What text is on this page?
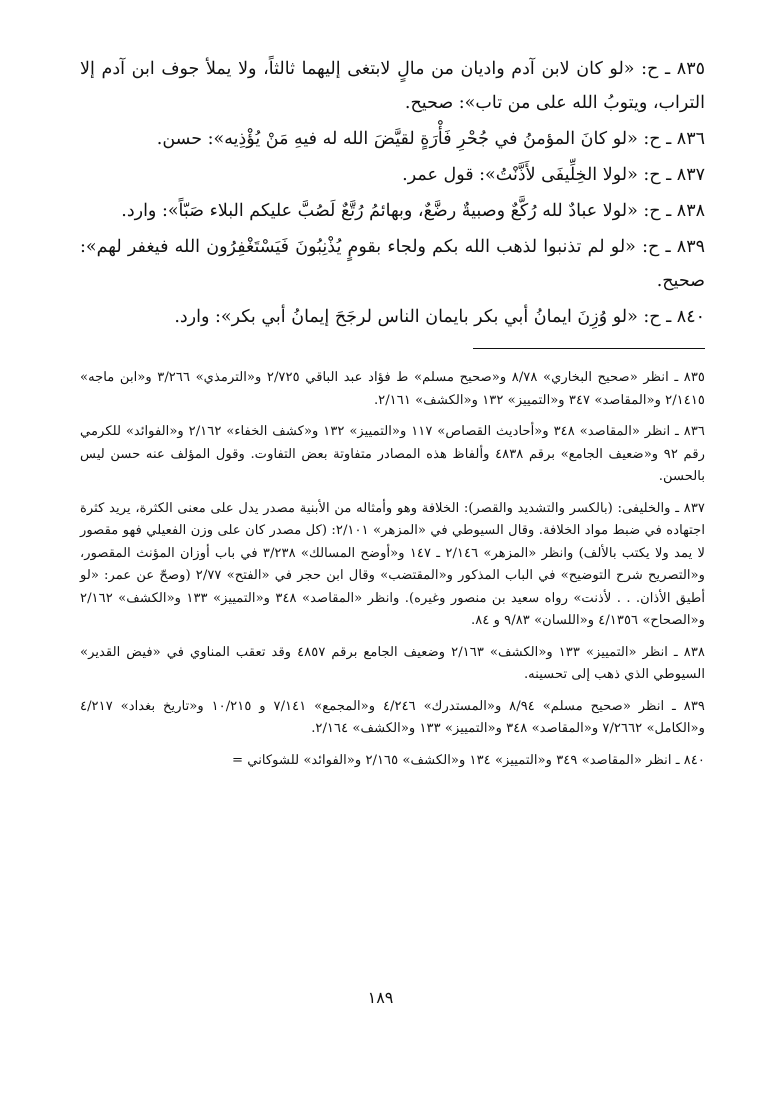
٨٣٥ ـ ح: «لو كان لابن آدم واديان من مالٍ لابتغى إليهما ثالثاً، ولا يملأ جوف ابن آدم إلا التراب، ويتوبُ الله على من تاب»: صحيح.

٨٣٦ ـ ح: «لو كانَ المؤمنُ في جُحْرِ فَأْرَةٍ لقيَّضَ الله له فيهِ مَنْ يُؤْذِيه»: حسن.

٨٣٧ ـ ح: «لولا الخِلِّيفَى لأَذَّنْتُ»: قول عمر.

٨٣٨ ـ ح: «لولا عبادٌ لله رُكَّعٌ وصبيةٌ رضَّعٌ، وبهائمُ رُتَّعٌ لَصُبَّ عليكم البلاء صَبّاً»: وارد.

٨٣٩ ـ ح: «لو لم تذنبوا لذهب الله بكم ولجاء بقومٍ يُذْنِبُونَ فَيَسْتَغْفِرُون الله فيغفر لهم»: صحيح.

٨٤٠ ـ ح: «لو وُزِنَ ايمانُ أبي بكر بايمان الناس لرجَحَ إيمانُ أبي بكر»: وارد.

٨٣٥ ـ انظر «صحيح البخاري» ٨/٧٨ و«صحيح مسلم» ط فؤاد عبد الباقي ٢/٧٢٥ و«الترمذي» ٣/٢٦٦ و«ابن ماجه» ٢/١٤١٥ و«المقاصد» ٣٤٧ و«التمييز» ١٣٢ و«الكشف» ٢/١٦١.

٨٣٦ ـ انظر «المقاصد» ٣٤٨ و«أحاديث القصاص» ١١٧ و«التمييز» ١٣٢ و«كشف الخفاء» ٢/١٦٢ و«الفوائد» للكرمي رقم ٩٢ و«ضعيف الجامع» برقم ٤٨٣٨ وألفاظ هذه المصادر متفاوتة بعض التفاوت. وقول المؤلف عنه حسن ليس بالحسن.

٨٣٧ ـ والخليفى: (بالكسر والتشديد والقصر): الخلافة وهو وأمثاله من الأبنية مصدر يدل على معنى الكثرة، يريد كثرة اجتهاده في ضبط مواد الخلافة. وقال السيوطي في «المزهر» ٢/١٠١: (كل مصدر كان على وزن الفعيلي فهو مقصور لا يمد ولا يكتب بالألف) وانظر «المزهر» ٢/١٤٦ ـ ١٤٧ و«أوضح المسالك» ٣/٢٣٨ في باب أوزان المؤنث المقصور، و«التصريح شرح التوضيح» في الباب المذكور و«المقتضب» وقال ابن حجر في «الفتح» ٢/٧٧ (وصحّ عن عمر: «لو أطيق الأذان. . . لأذنت» رواه سعيد بن منصور وغيره). وانظر «المقاصد» ٣٤٨ و«التمييز» ١٣٣ و«الكشف» ٢/١٦٢ و«الصحاح» ٤/١٣٥٦ و«اللسان» ٩/٨٣ و ٨٤.

٨٣٨ ـ انظر «التمييز» ١٣٣ و«الكشف» ٢/١٦٣ وضعيف الجامع برقم ٤٨٥٧ وقد تعقب المناوي في «فيض القدير» السيوطي الذي ذهب إلى تحسينه.

٨٣٩ ـ انظر «صحيح مسلم» ٨/٩٤ و«المستدرك» ٤/٢٤٦ و«المجمع» ٧/١٤١ و ١٠/٢١٥ و«تاريخ بغداد» ٤/٢١٧ و«الكامل» ٧/٢٦٦٢ و«المقاصد» ٣٤٨ و«التمييز» ١٣٣ و«الكشف» ٢/١٦٤.

٨٤٠ ـ انظر «المقاصد» ٣٤٩ و«التمييز» ١٣٤ و«الكشف» ٢/١٦٥ و«الفوائد» للشوكاني =

١٨٩
